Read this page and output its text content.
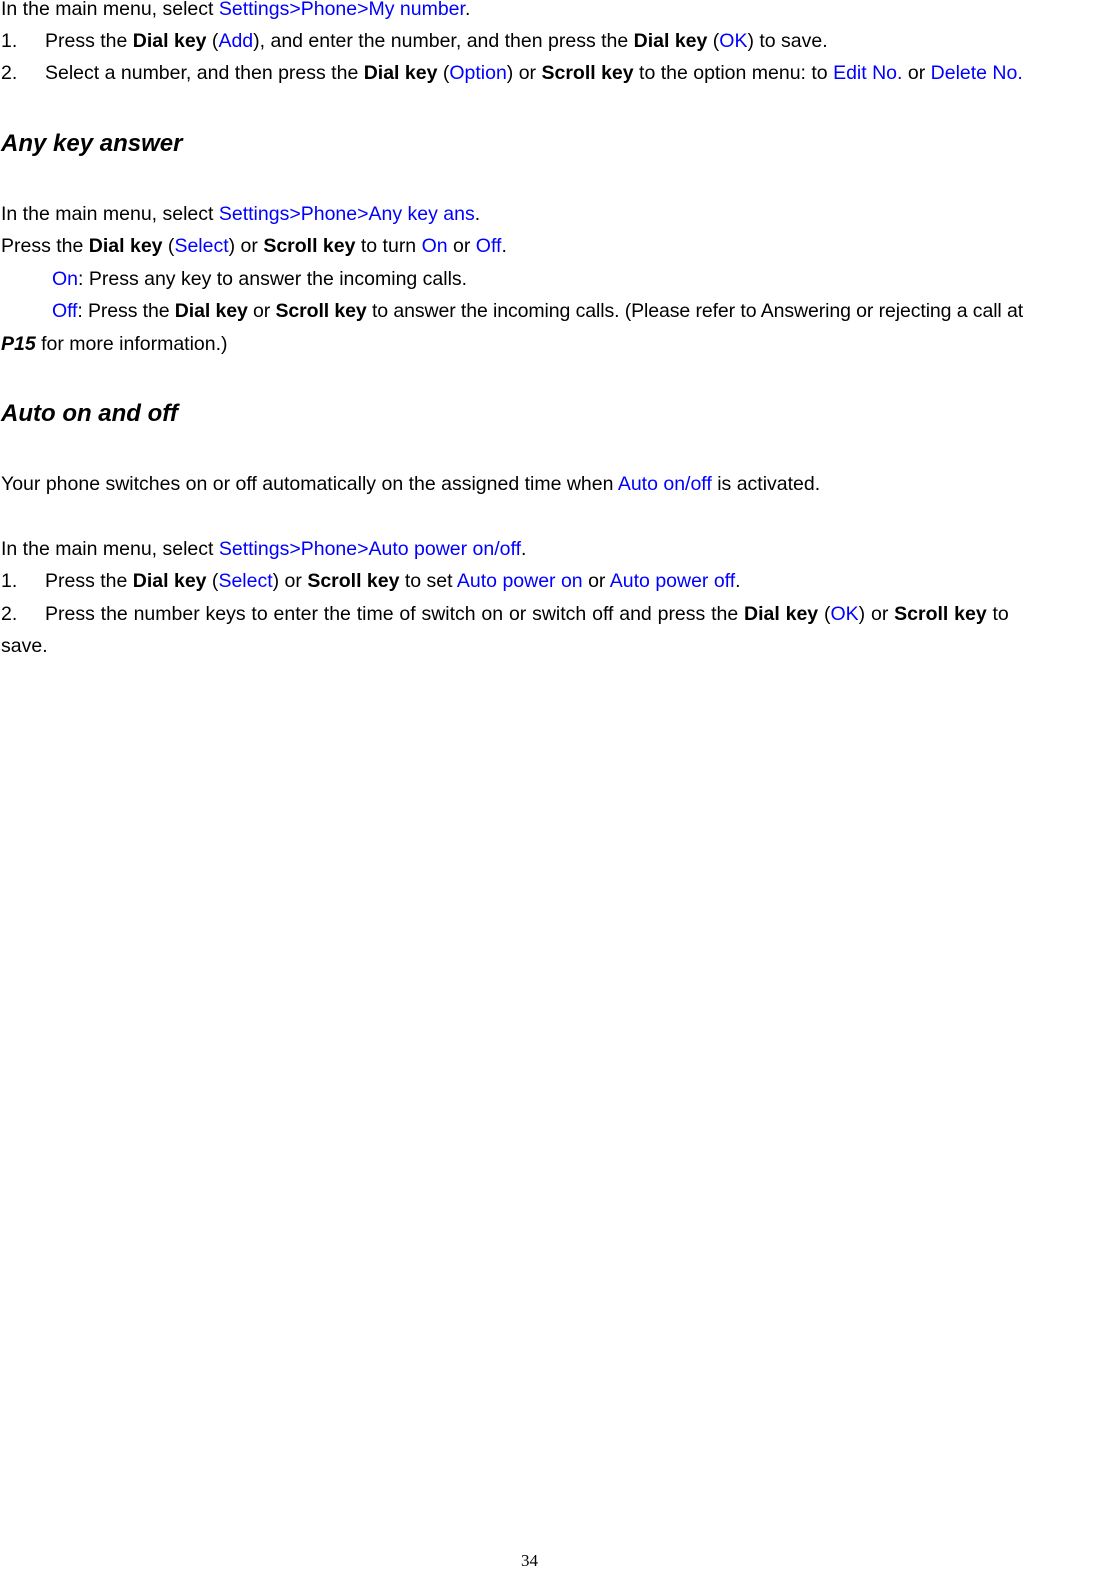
In the main menu, select Settings>Phone>My number.
1. Press the Dial key (Add), and enter the number, and then press the Dial key (OK) to save.
2. Select a number, and then press the Dial key (Option) or Scroll key to the option menu: to Edit No. or Delete No.
Any key answer
In the main menu, select Settings>Phone>Any key ans.
Press the Dial key (Select) or Scroll key to turn On or Off.
On: Press any key to answer the incoming calls.
Off: Press the Dial key or Scroll key to answer the incoming calls. (Please refer to Answering or rejecting a call at
P15 for more information.)
Auto on and off
Your phone switches on or off automatically on the assigned time when Auto on/off is activated.
In the main menu, select Settings>Phone>Auto power on/off.
1. Press the Dial key (Select) or Scroll key to set Auto power on or Auto power off.
2. Press the number keys to enter the time of switch on or switch off and press the Dial key (OK) or Scroll key to
save.
34
